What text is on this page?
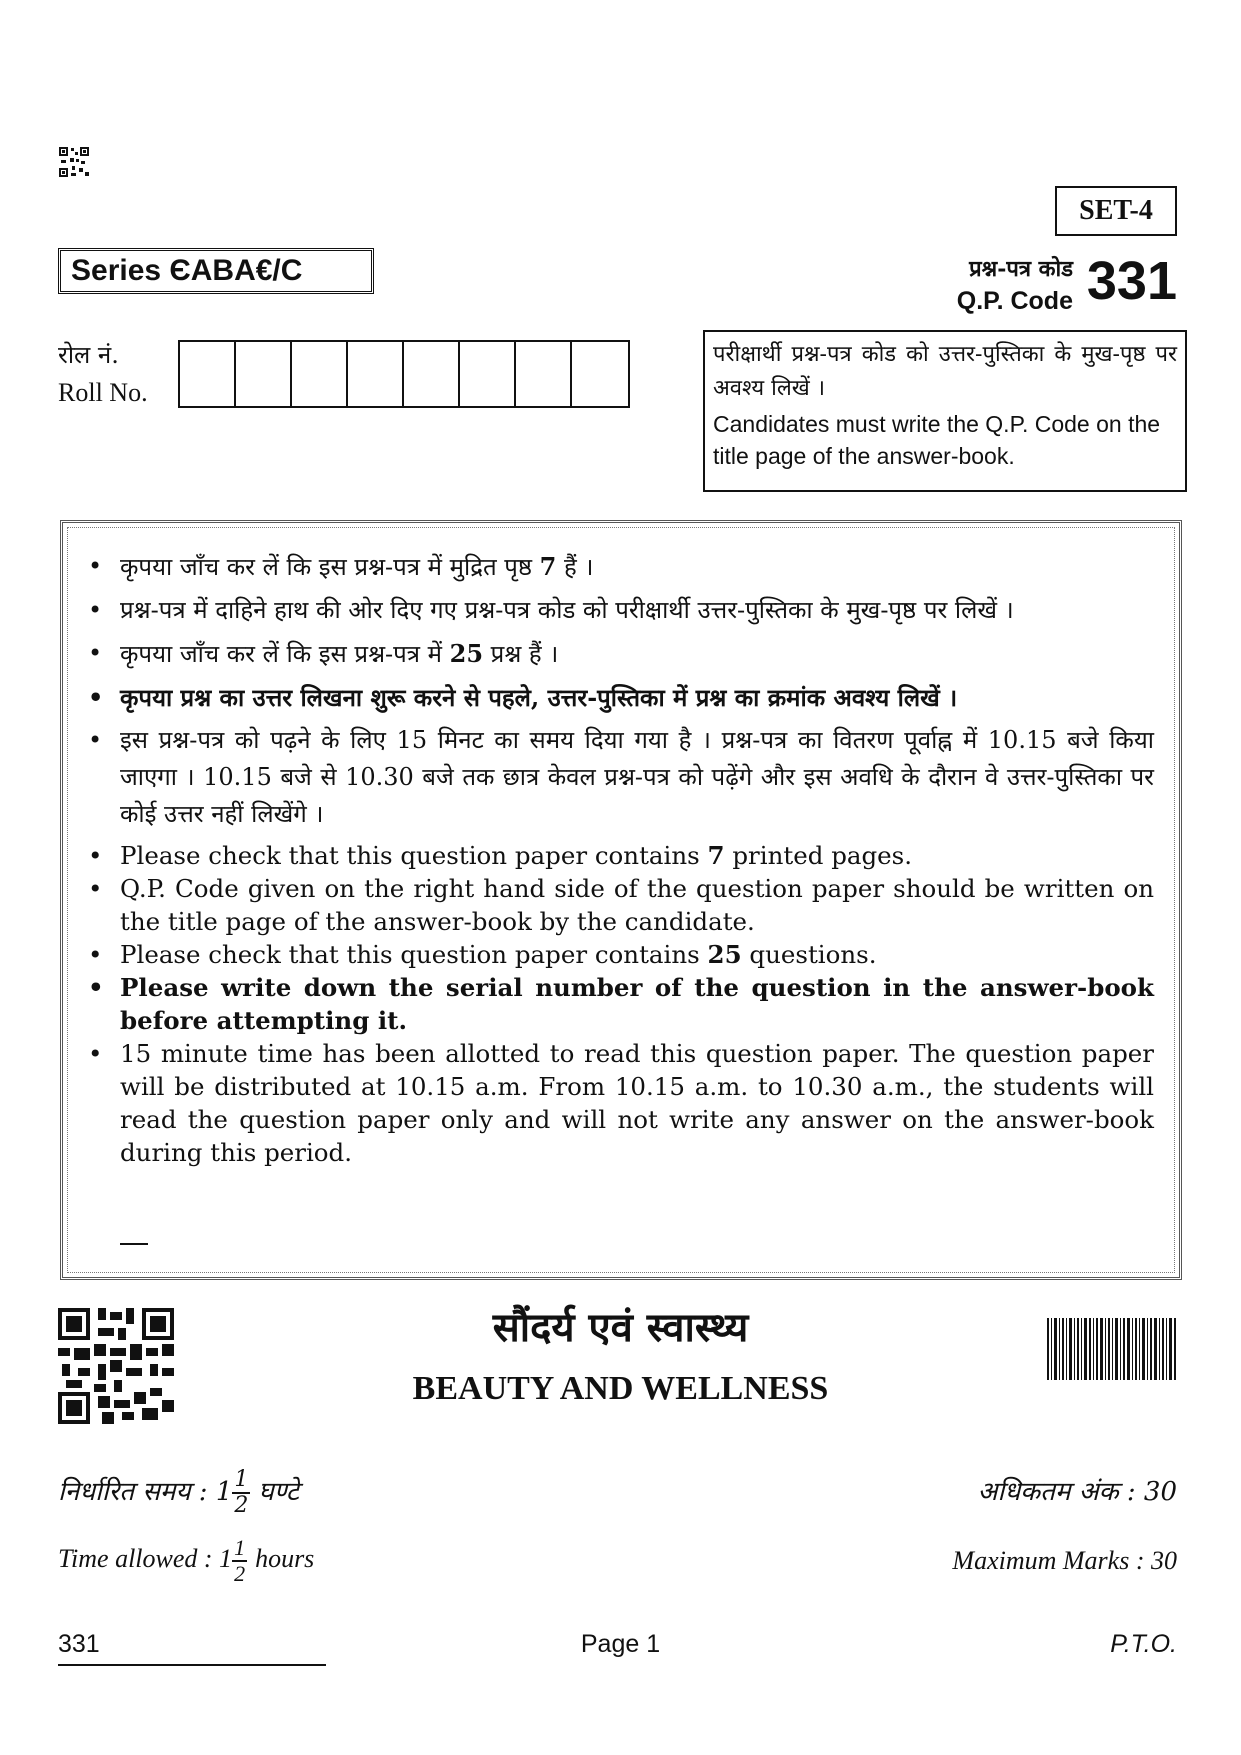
SET-4
Series ЄABA€/C	प्रश्न-पत्र कोड
Q.P. Code 331
रोल नं.
Roll No.
परीक्षार्थी प्रश्न-पत्र कोड को उत्तर-पुस्तिका के मुख-पृष्ठ पर अवश्य लिखें ।
Candidates must write the Q.P. Code on the title page of the answer-book.
• कृपया जाँच कर लें कि इस प्रश्न-पत्र में मुद्रित पृष्ठ 7 हैं ।
• प्रश्न-पत्र में दाहिने हाथ की ओर दिए गए प्रश्न-पत्र कोड को परीक्षार्थी उत्तर-पुस्तिका के मुख-पृष्ठ पर लिखें ।
• कृपया जाँच कर लें कि इस प्रश्न-पत्र में 25 प्रश्न हैं ।
• कृपया प्रश्न का उत्तर लिखना शुरू करने से पहले, उत्तर-पुस्तिका में प्रश्न का क्रमांक अवश्य लिखें ।
• इस प्रश्न-पत्र को पढ़ने के लिए 15 मिनट का समय दिया गया है । प्रश्न-पत्र का वितरण पूर्वाह्न में 10.15 बजे किया जाएगा । 10.15 बजे से 10.30 बजे तक छात्र केवल प्रश्न-पत्र को पढ़ेंगे और इस अवधि के दौरान वे उत्तर-पुस्तिका पर कोई उत्तर नहीं लिखेंगे ।
• Please check that this question paper contains 7 printed pages.
• Q.P. Code given on the right hand side of the question paper should be written on the title page of the answer-book by the candidate.
• Please check that this question paper contains 25 questions.
• Please write down the serial number of the question in the answer-book before attempting it.
• 15 minute time has been allotted to read this question paper. The question paper will be distributed at 10.15 a.m. From 10.15 a.m. to 10.30 a.m., the students will read the question paper only and will not write any answer on the answer-book during this period.
सौंदर्य एवं स्वास्थ्य
BEAUTY AND WELLNESS
निर्धारित समय : $1 \frac{1}{2}$ घण्टे
Time allowed : $1 \frac{1}{2}$ hours
अधिकतम अंक : 30
Maximum Marks : 30
331	Page 1	P.T.O.
